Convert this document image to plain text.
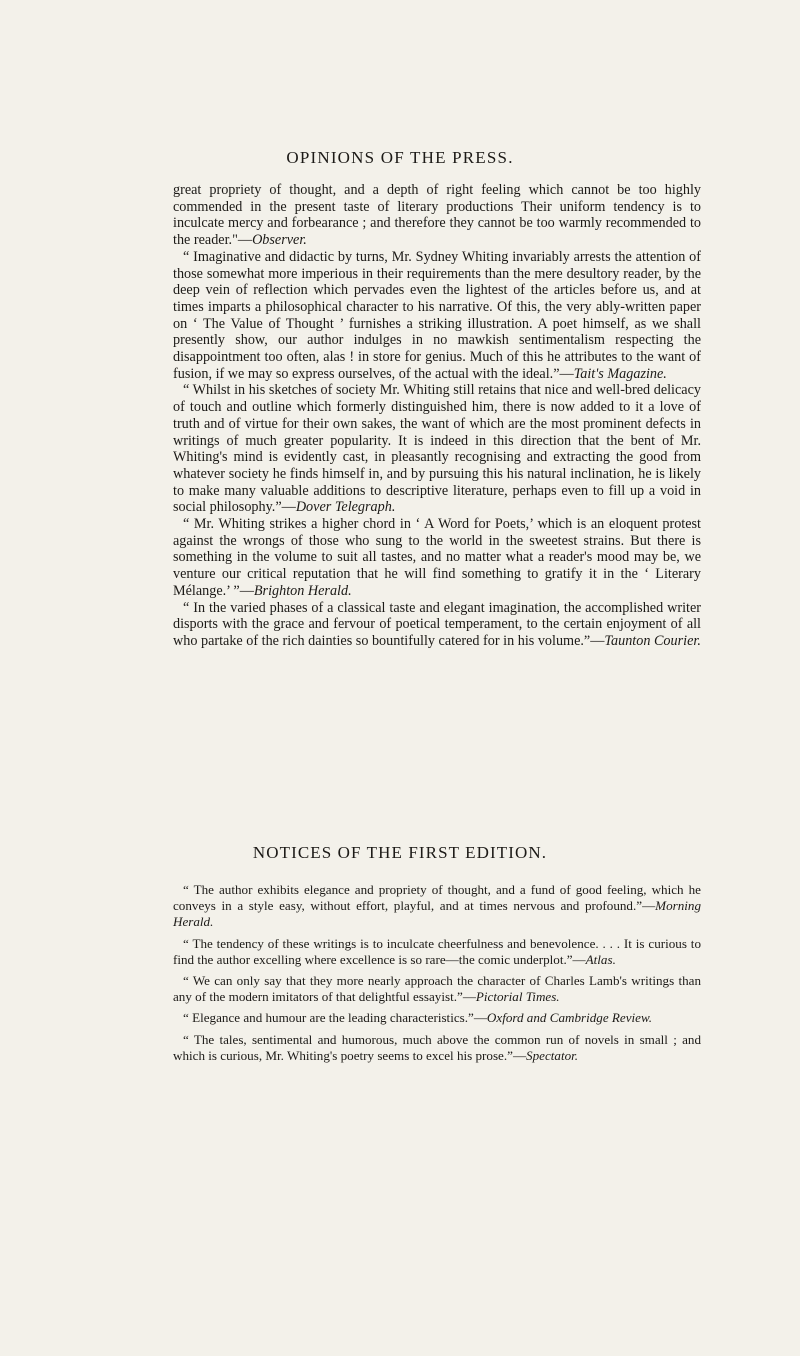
OPINIONS OF THE PRESS.

great propriety of thought, and a depth of right feeling which cannot be too highly commended in the present taste of literary productions Their uniform tendency is to inculcate mercy and forbearance ; and therefore they cannot be too warmly recommended to the reader."—Observer.

“ Imaginative and didactic by turns, Mr. Sydney Whiting invariably arrests the attention of those somewhat more imperious in their requirements than the mere desultory reader, by the deep vein of reflection which pervades even the lightest of the articles before us, and at times imparts a philosophical character to his narrative. Of this, the very ably-written paper on ‘ The Value of Thought ’ furnishes a striking illustration. A poet himself, as we shall presently show, our author indulges in no mawkish sentimentalism respecting the disappointment too often, alas ! in store for genius. Much of this he attributes to the want of fusion, if we may so express ourselves, of the actual with the ideal.”—Tait's Magazine.

“ Whilst in his sketches of society Mr. Whiting still retains that nice and well-bred delicacy of touch and outline which formerly distinguished him, there is now added to it a love of truth and of virtue for their own sakes, the want of which are the most prominent defects in writings of much greater popularity. It is indeed in this direction that the bent of Mr. Whiting's mind is evidently cast, in pleasantly recognising and extracting the good from whatever society he finds himself in, and by pursuing this his natural inclination, he is likely to make many valuable additions to descriptive literature, perhaps even to fill up a void in social philosophy.”—Dover Telegraph.

“ Mr. Whiting strikes a higher chord in ‘ A Word for Poets,’ which is an eloquent protest against the wrongs of those who sung to the world in the sweetest strains. But there is something in the volume to suit all tastes, and no matter what a reader's mood may be, we venture our critical reputation that he will find something to gratify it in the ‘ Literary Mélange.’ ”—Brighton Herald.

“ In the varied phases of a classical taste and elegant imagination, the accomplished writer disports with the grace and fervour of poetical temperament, to the certain enjoyment of all who partake of the rich dainties so bountifully catered for in his volume.”—Taunton Courier.

NOTICES OF THE FIRST EDITION.

“ The author exhibits elegance and propriety of thought, and a fund of good feeling, which he conveys in a style easy, without effort, playful, and at times nervous and profound.”—Morning Herald.

“ The tendency of these writings is to inculcate cheerfulness and benevolence. . . . It is curious to find the author excelling where excellence is so rare—the comic underplot.”—Atlas.

“ We can only say that they more nearly approach the character of Charles Lamb's writings than any of the modern imitators of that delightful essayist.”—Pictorial Times.

“ Elegance and humour are the leading characteristics.”—Oxford and Cambridge Review.

“ The tales, sentimental and humorous, much above the common run of novels in small ; and which is curious, Mr. Whiting's poetry seems to excel his prose.”—Spectator.
